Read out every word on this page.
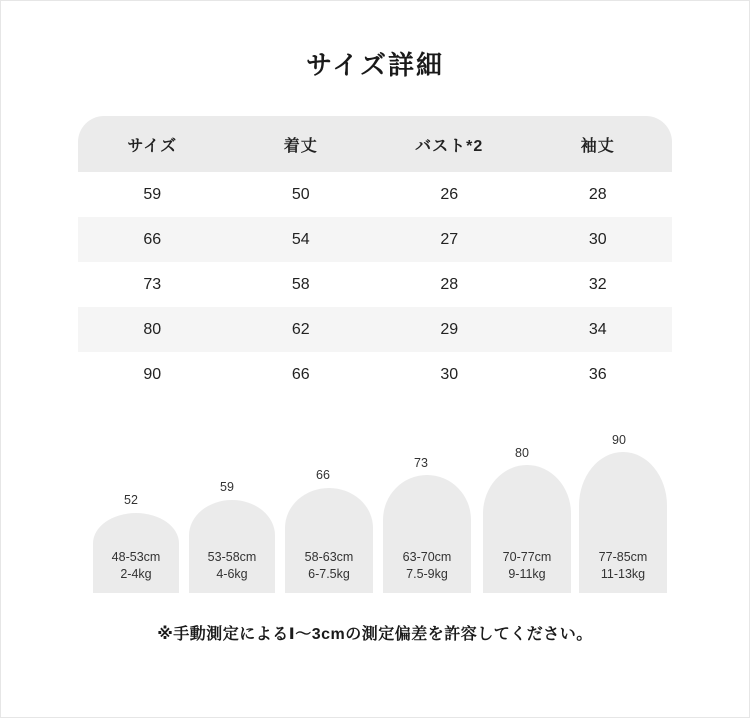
サイズ詳細
サイズ	着丈	バスト*2	袖丈
59	50	26	28
66	54	27	30
73	58	28	32
80	62	29	34
90	66	30	36
52
48-53cm
2-4kg
59
53-58cm
4-6kg
66
58-63cm
6-7.5kg
73
63-70cm
7.5-9kg
80
70-77cm
9-11kg
90
77-85cm
11-13kg
※手動測定によるⅠ～3cmの測定偏差を許容してください。
